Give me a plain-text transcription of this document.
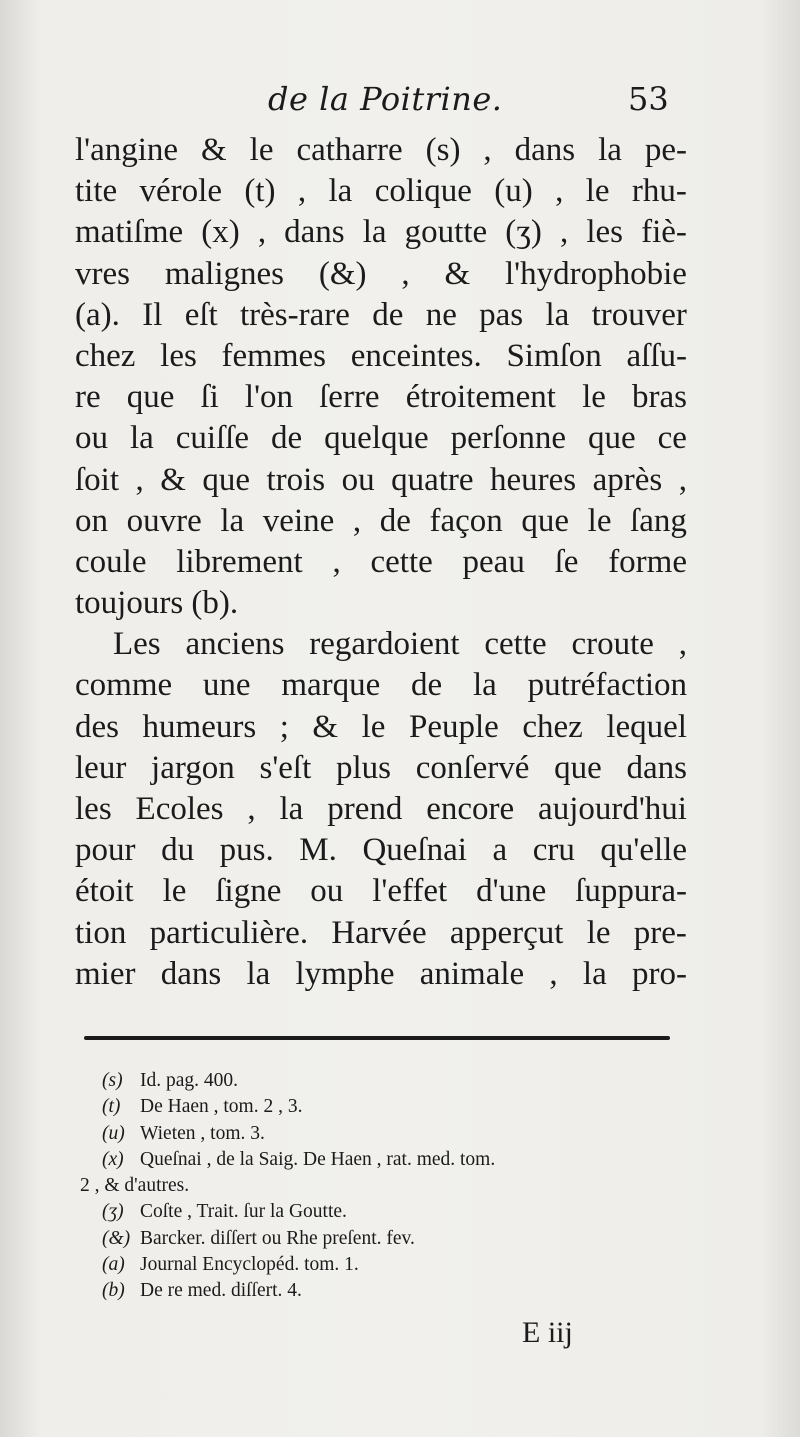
de la Poitrine.	53
l'angine & le catharre (s) , dans la pe-
tite vérole (t) , la colique (u) , le rhu-
matiſme (x) , dans la goutte (ʒ) , les fiè-
vres malignes (&) , & l'hydrophobie
(a). Il eſt très-rare de ne pas la trouver
chez les femmes enceintes. Simſon aſſu-
re que ſi l'on ſerre étroitement le bras
ou la cuiſſe de quelque perſonne que ce
ſoit , & que trois ou quatre heures après ,
on ouvre la veine , de façon que le ſang
coule librement , cette peau ſe forme
toujours (b).
Les anciens regardoient cette croute ,
comme une marque de la putréfaction
des humeurs ; & le Peuple chez lequel
leur jargon s'eſt plus conſervé que dans
les Ecoles , la prend encore aujourd'hui
pour du pus. M. Queſnai a cru qu'elle
étoit le ſigne ou l'effet d'une ſuppura-
tion particulière. Harvée apperçut le pre-
mier dans la lymphe animale , la pro-
(s) Id. pag. 400.
(t) De Haen , tom. 2 , 3.
(u) Wieten , tom. 3.
(x) Queſnai , de la Saig. De Haen , rat. med. tom.
2 , & d'autres.
(ʒ) Coſte , Trait. ſur la Goutte.
(&) Barcker. diſſert ou Rhe preſent. fev.
(a) Journal Encyclopéd. tom. 1.
(b) De re med. diſſert. 4.
E iij
